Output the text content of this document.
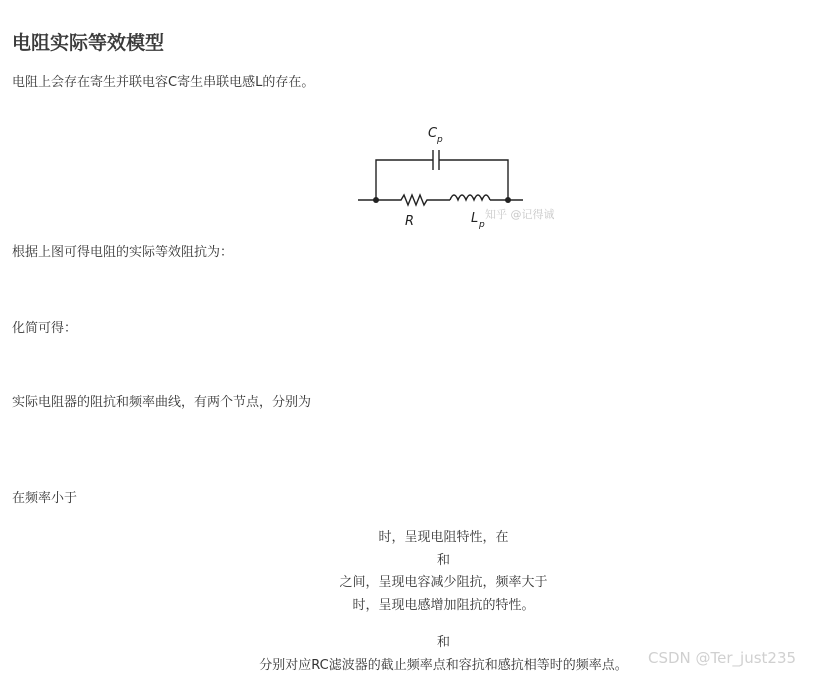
电阻实际等效模型
电阻上会存在寄生并联电容C寄生串联电感L的存在。
C p
R	L p
知乎 @记得诚
根据上图可得电阻的实际等效阻抗为：
化简可得：
实际电阻器的阻抗和频率曲线，有两个节点，分别为
在频率小于
时，呈现电阻特性，在
和
之间，呈现电容减少阻抗，频率大于
时，呈现电感增加阻抗的特性。
和
分别对应RC滤波器的截止频率点和容抗和感抗相等时的频率点。	CSDN @Ter_just235
